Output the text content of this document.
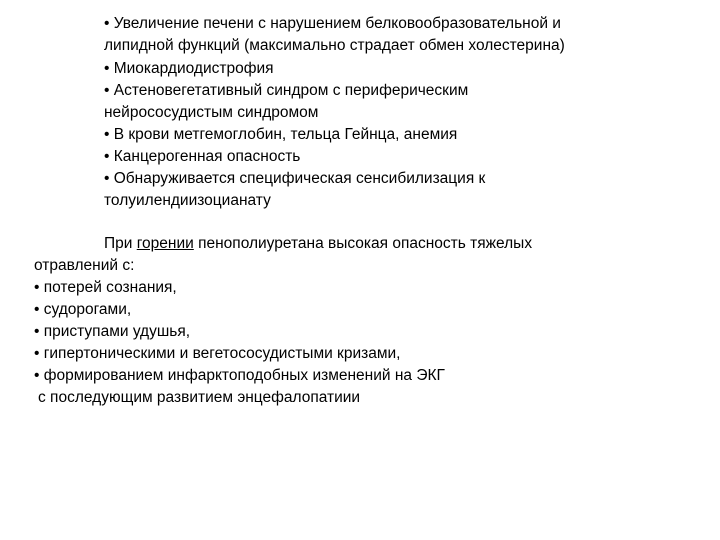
• Увеличение печени с нарушением белковообразовательной и
липидной функций (максимально страдает обмен холестерина)
• Миокардиодистрофия
• Астеновегетативный синдром с периферическим
нейрососудистым синдромом
• В крови метгемоглобин, тельца Гейнца, анемия
• Канцерогенная опасность
• Обнаруживается специфическая сенсибилизация к
толуилендиизоцианату
При горении пенополиуретана высокая опасность тяжелых
отравлений с:
• потерей сознания,
• судорогами,
• приступами удушья,
• гипертоническими и вегетососудистыми кризами,
• формированием инфарктоподобных изменений на ЭКГ
с последующим развитием энцефалопатиии
